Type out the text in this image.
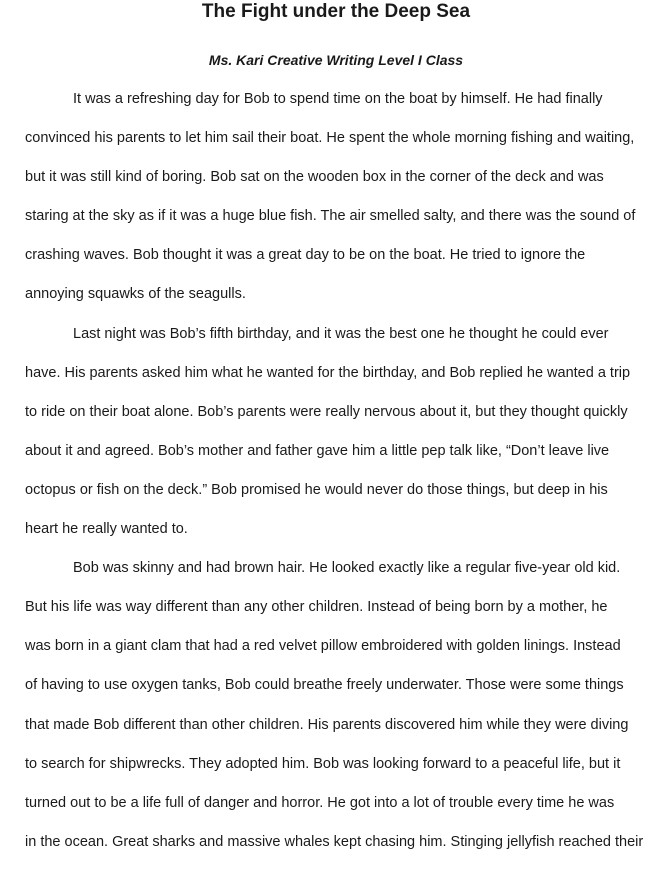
The Fight under the Deep Sea
Ms. Kari Creative Writing Level I Class

It was a refreshing day for Bob to spend time on the boat by himself. He had finally

convinced his parents to let him sail their boat. He spent the whole morning fishing and waiting,

but it was still kind of boring. Bob sat on the wooden box in the corner of the deck and was

staring at the sky as if it was a huge blue fish. The air smelled salty, and there was the sound of

crashing waves. Bob thought it was a great day to be on the boat. He tried to ignore the

annoying squawks of the seagulls.

Last night was Bob’s fifth birthday, and it was the best one he thought he could ever

have. His parents asked him what he wanted for the birthday, and Bob replied he wanted a trip

to ride on their boat alone. Bob’s parents were really nervous about it, but they thought quickly

about it and agreed. Bob’s mother and father gave him a little pep talk like, “Don’t leave live

octopus or fish on the deck.” Bob promised he would never do those things, but deep in his

heart he really wanted to.

Bob was skinny and had brown hair. He looked exactly like a regular five-year old kid.

But his life was way different than any other children. Instead of being born by a mother, he

was born in a giant clam that had a red velvet pillow embroidered with golden linings. Instead

of having to use oxygen tanks, Bob could breathe freely underwater. Those were some things

that made Bob different than other children. His parents discovered him while they were diving

to search for shipwrecks. They adopted him. Bob was looking forward to a peaceful life, but it

turned out to be a life full of danger and horror. He got into a lot of trouble every time he was

in the ocean. Great sharks and massive whales kept chasing him. Stinging jellyfish reached their
